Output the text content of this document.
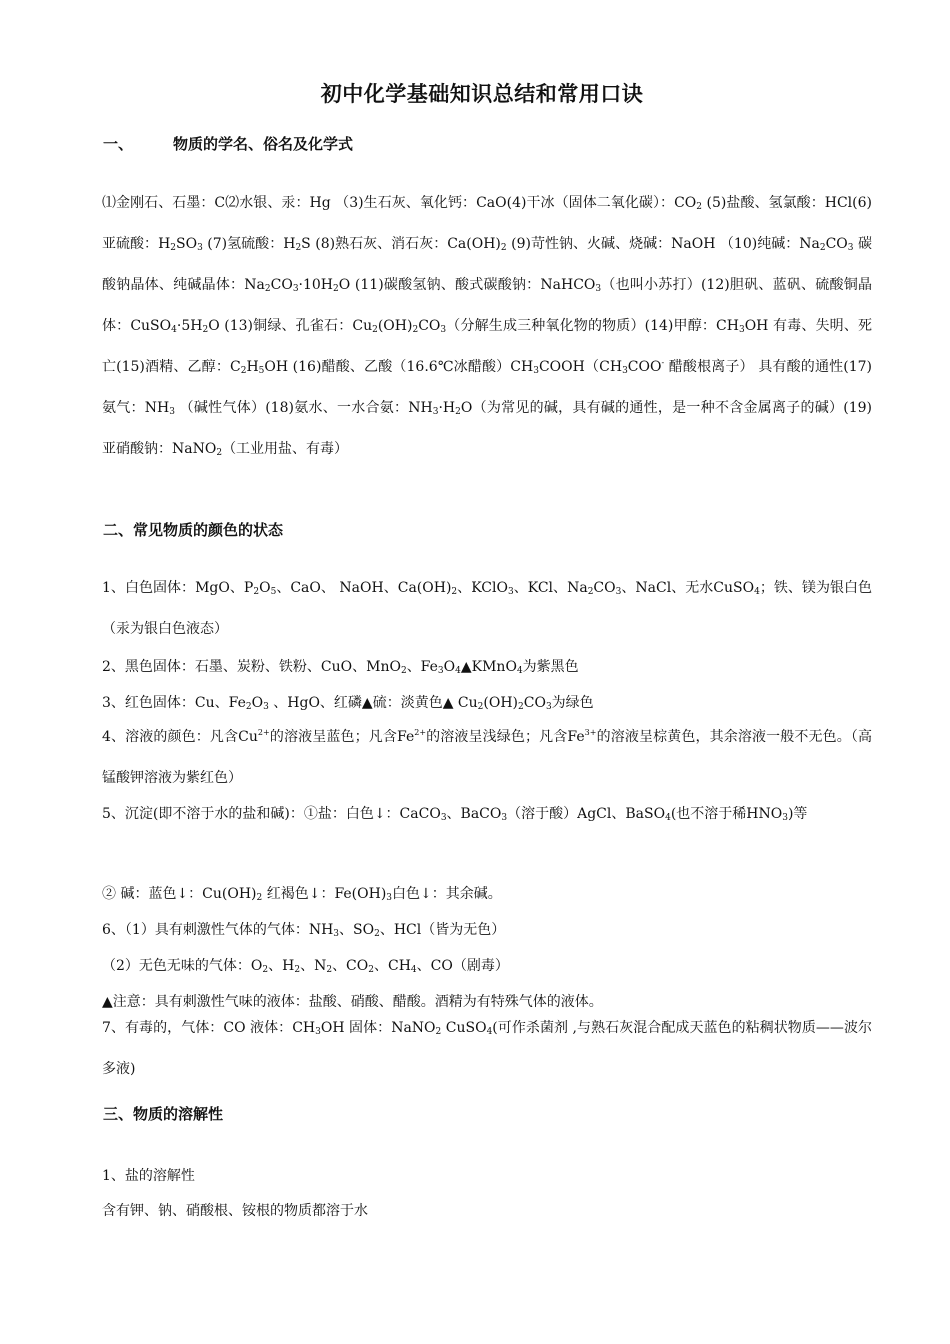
初中化学基础知识总结和常用口诀
一、	物质的学名、俗名及化学式

⑴金刚石、石墨：C⑵水银、汞：Hg （3)生石灰、氧化钙：CaO(4)干冰（固体二氧化碳）：$CO_2$ (5)盐酸、氢氯酸：HCl(6)亚硫酸：$H_2SO_3$ (7)氢硫酸：$H_2S$ (8)熟石灰、消石灰：$Ca(OH)_2$ (9)苛性钠、火碱、烧碱：NaOH （10)纯碱：$Na_2CO_3$ 碳酸钠晶体、纯碱晶体：$Na_2CO_3\cdot 10H_2O$ (11)碳酸氢钠、酸式碳酸钠：NaHCO$_3$（也叫小苏打）(12)胆矾、蓝矾、硫酸铜晶体：$CuSO_4\cdot 5H_2O$ (13)铜绿、孔雀石：$Cu_2(OH)_2CO_3$（分解生成三种氧化物的物质）(14)甲醇：$CH_3OH$ 有毒、失明、死亡(15)酒精、乙醇：$C_2H_5OH$ (16)醋酸、乙酸（16.6℃冰醋酸）$CH_3COOH(CH_3COO^-$ 醋酸根离子） 具有酸的通性(17)氨气：$NH_3$ （碱性气体）(18)氨水、一水合氨：$NH_3\cdot H_2O$（为常见的碱，具有碱的通性，是一种不含金属离子的碱）(19)亚硝酸钠：NaNO$_2$（工业用盐、有毒）

二、常见物质的颜色的状态

1、白色固体：MgO、$P_2O_5$、CaO、 NaOH、$Ca(OH)_2$、KClO$_3$、KCl、$Na_2CO_3$、NaCl、无水CuSO$_4$；铁、镁为银白色（汞为银白色液态）

2、黑色固体：石墨、炭粉、铁粉、CuO、MnO$_2$、$Fe_3O_4▲KMnO_4$为紫黑色

3、红色固体：Cu、$Fe_2O_3$ 、HgO、红磷▲硫：淡黄色▲ $Cu_2(OH)_2CO_3$为绿色

4、溶液的颜色：凡含$Cu^{2+}$的溶液呈蓝色；凡含$Fe^{2+}$的溶液呈浅绿色；凡含$Fe^{3+}$的溶液呈棕黄色，其余溶液一般不无色。（高锰酸钾溶液为紫红色）

5、沉淀(即不溶于水的盐和碱)：①盐：白色↓：CaCO$_3$、BaCO$_3$（溶于酸）AgCl、BaSO$_4$(也不溶于稀$HNO_3$)等

② 碱：蓝色↓：$Cu(OH)_2$ 红褐色↓：$Fe(OH)_3$白色↓：其余碱。

6、（1）具有刺激性气体的气体：$NH_3$、$SO_2$、HCl（皆为无色）

（2）无色无味的气体：$O_2$、$H_2$、$N_2$、$CO_2$、$CH_4$、CO（剧毒）

▲注意：具有刺激性气味的液体：盐酸、硝酸、醋酸。酒精为有特殊气体的液体。

7、有毒的，气体：CO 液体：$CH_3OH$ 固体：NaNO$_2$ CuSO$_4$(可作杀菌剂 ,与熟石灰混合配成天蓝色的粘稠状物质——波尔多液)

三、物质的溶解性

1、盐的溶解性

含有钾、钠、硝酸根、铵根的物质都溶于水
